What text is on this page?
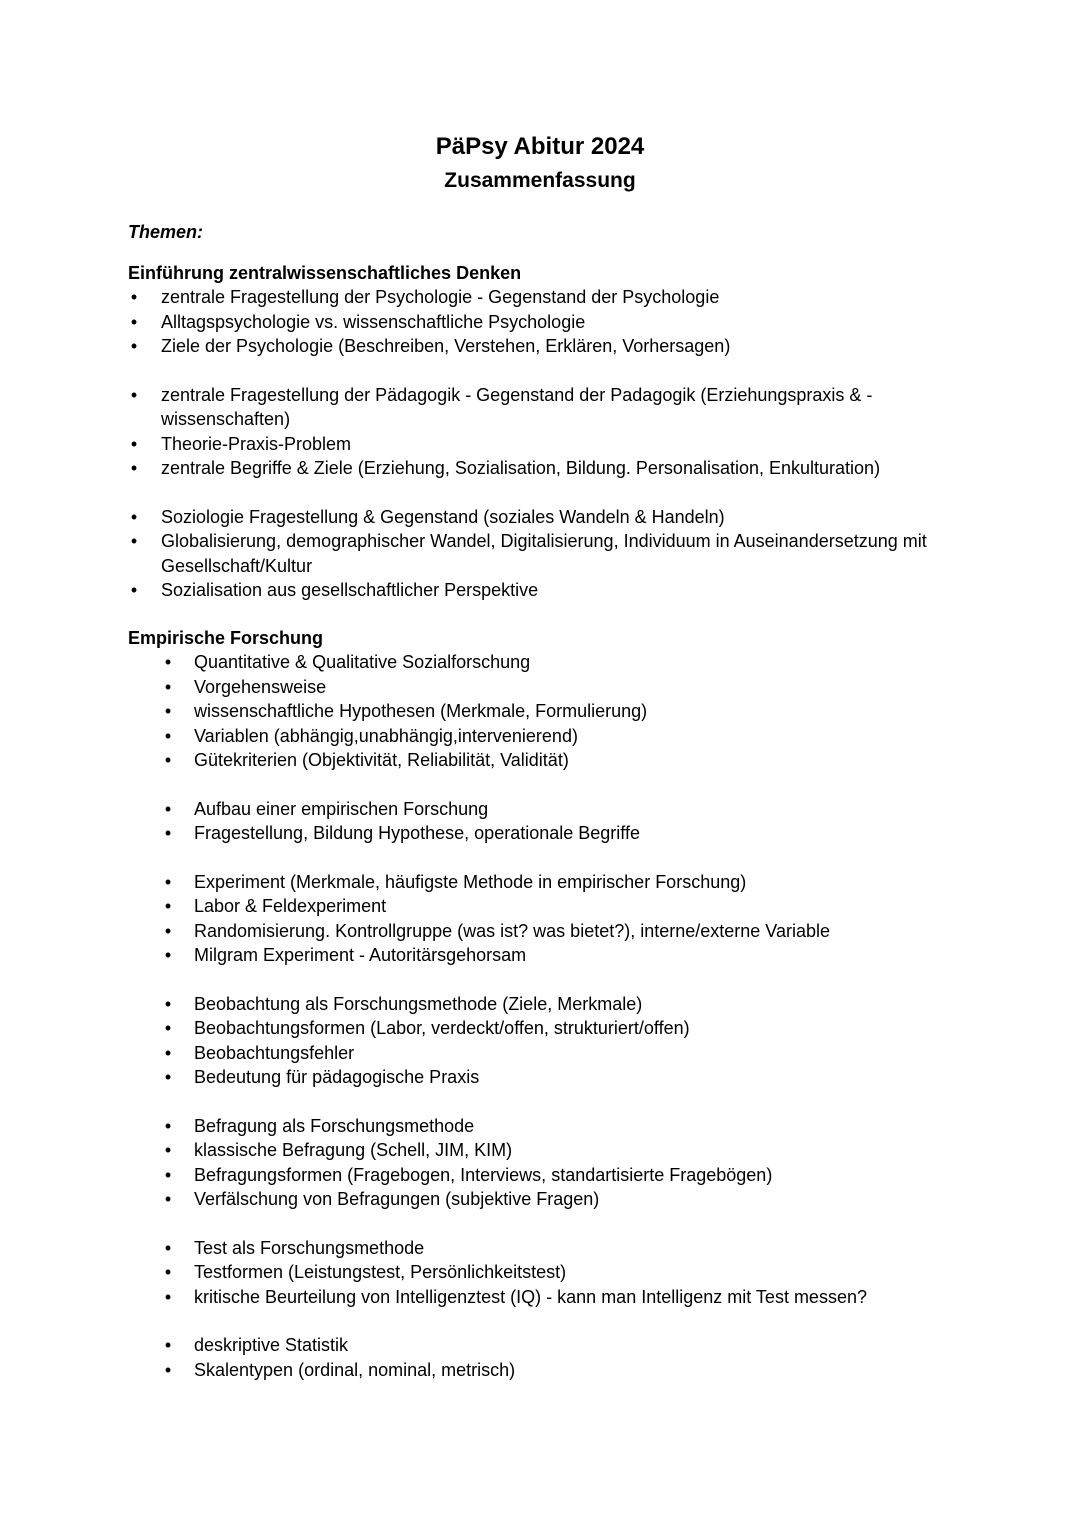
PäPsy Abitur 2024
Zusammenfassung
Themen:
Einführung zentralwissenschaftliches Denken
• zentrale Fragestellung der Psychologie - Gegenstand der Psychologie
• Alltagspsychologie vs. wissenschaftliche Psychologie
• Ziele der Psychologie (Beschreiben, Verstehen, Erklären, Vorhersagen)
• zentrale Fragestellung der Pädagogik - Gegenstand der Padagogik (Erziehungspraxis & - wissenschaften)
• Theorie-Praxis-Problem
• zentrale Begriffe & Ziele (Erziehung, Sozialisation, Bildung. Personalisation, Enkulturation)
• Soziologie Fragestellung & Gegenstand (soziales Wandeln & Handeln)
• Globalisierung, demographischer Wandel, Digitalisierung, Individuum in Auseinandersetzung mit Gesellschaft/Kultur
• Sozialisation aus gesellschaftlicher Perspektive
Empirische Forschung
• Quantitative & Qualitative Sozialforschung
• Vorgehensweise
• wissenschaftliche Hypothesen (Merkmale, Formulierung)
• Variablen (abhängig,unabhängig,intervenierend)
• Gütekriterien (Objektivität, Reliabilität, Validität)
• Aufbau einer empirischen Forschung
• Fragestellung, Bildung Hypothese, operationale Begriffe
• Experiment (Merkmale, häufigste Methode in empirischer Forschung)
• Labor & Feldexperiment
• Randomisierung. Kontrollgruppe (was ist? was bietet?), interne/externe Variable
• Milgram Experiment - Autoritärsgehorsam
• Beobachtung als Forschungsmethode (Ziele, Merkmale)
• Beobachtungsformen (Labor, verdeckt/offen, strukturiert/offen)
• Beobachtungsfehler
• Bedeutung für pädagogische Praxis
• Befragung als Forschungsmethode
• klassische Befragung (Schell, JIM, KIM)
• Befragungsformen (Fragebogen, Interviews, standartisierte Fragebögen)
• Verfälschung von Befragungen (subjektive Fragen)
• Test als Forschungsmethode
• Testformen (Leistungstest, Persönlichkeitstest)
• kritische Beurteilung von Intelligenztest (IQ) - kann man Intelligenz mit Test messen?
• deskriptive Statistik
• Skalentypen (ordinal, nominal, metrisch)
